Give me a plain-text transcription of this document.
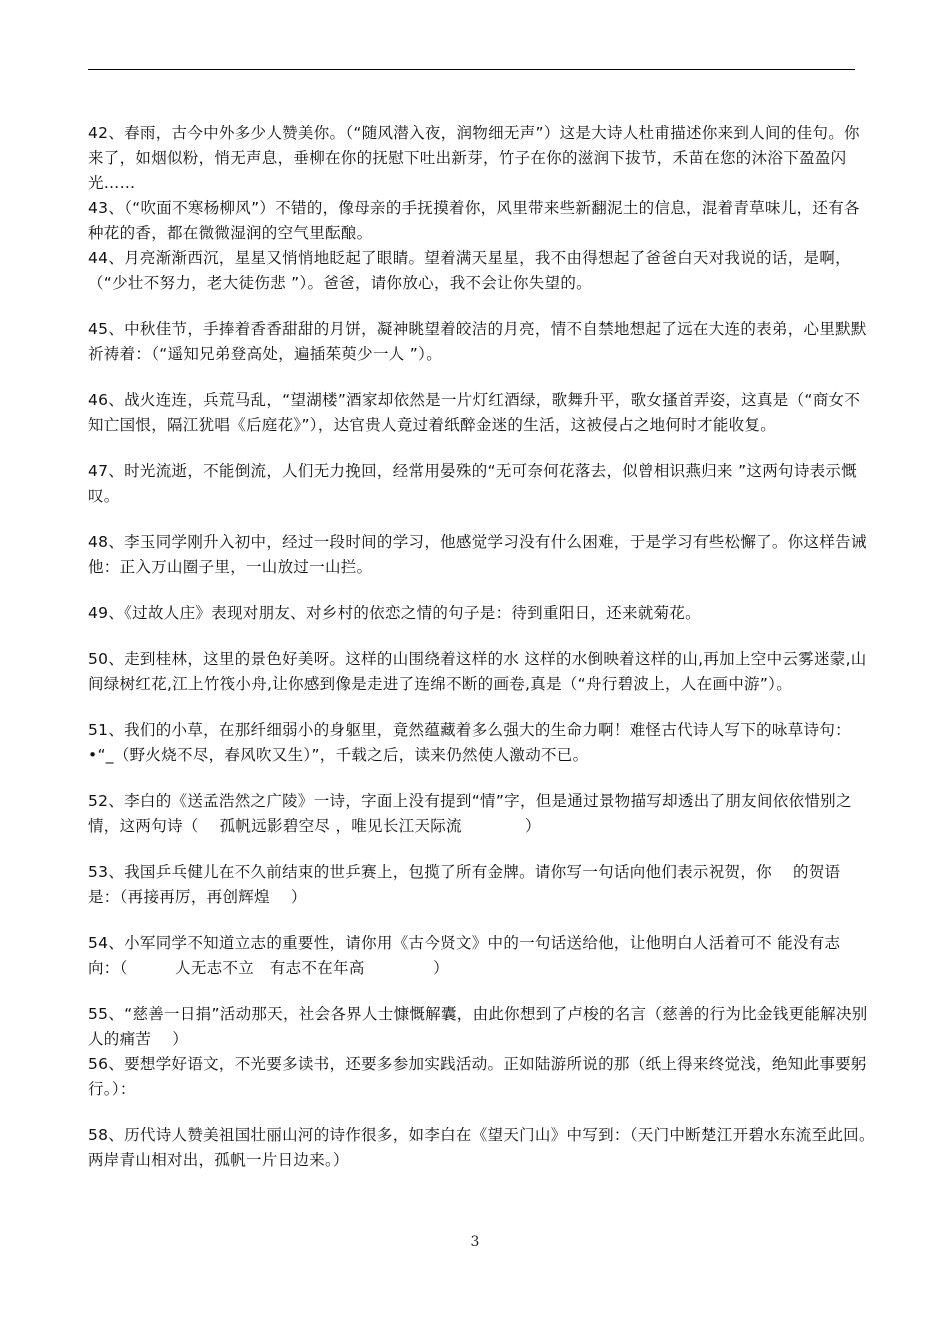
42、春雨，古今中外多少人赞美你。（“随风潜入夜，润物细无声”）这是大诗人杜甫描述你来到人间的佳句。你来了，如烟似粉，悄无声息，垂柳在你的抚慰下吐出新芽，竹子在你的滋润下拔节，禾苗在您的沐浴下盈盈闪光……

43、（“吹面不寒杨柳风”）不错的，像母亲的手抚摸着你，风里带来些新翻泥土的信息，混着青草味儿，还有各种花的香，都在微微湿润的空气里酝酿。

44、月亮渐渐西沉，星星又悄悄地眨起了眼睛。望着满天星星，我不由得想起了爸爸白天对我说的话，是啊，（“少壮不努力，老大徒伤悲 ”）。爸爸，请你放心，我不会让你失望的。

45、中秋佳节，手捧着香香甜甜的月饼，凝神眺望着皎洁的月亮，情不自禁地想起了远在大连的表弟，心里默默祈祷着：（“遥知兄弟登高处，遍插茱萸少一人 ”）。

46、战火连连，兵荒马乱，“望湖楼”酒家却依然是一片灯红酒绿，歌舞升平，歌女搔首弄姿，这真是（“商女不知亡国恨，隔江犹唱《后庭花》”），达官贵人竟过着纸醉金迷的生活，这被侵占之地何时才能收复。

47、时光流逝，不能倒流，人们无力挽回，经常用晏殊的“无可奈何花落去，似曾相识燕归来 ”这两句诗表示慨叹。

48、李玉同学刚升入初中，经过一段时间的学习，他感觉学习没有什么困难，于是学习有些松懈了。你这样告诫他：正入万山圈子里，一山放过一山拦。

49、《过故人庄》表现对朋友、对乡村的依恋之情的句子是：待到重阳日，还来就菊花。

50、走到桂林，这里的景色好美呀。这样的山围绕着这样的水 这样的水倒映着这样的山,再加上空中云雾迷蒙,山间绿树红花,江上竹筏小舟,让你感到像是走进了连绵不断的画卷,真是（“舟行碧波上，人在画中游”）。

51、我们的小草，在那纤细弱小的身躯里，竟然蕴藏着多么强大的生命力啊！难怪古代诗人写下的咏草诗句：•“_（野火烧不尽，春风吹又生）”，千载之后，读来仍然使人激动不已。

52、李白的《送孟浩然之广陵》一诗，字面上没有提到“情”字，但是通过景物描写却透出了朋友间依依惜别之情，这两句诗（　 孤帆远影碧空尽 ，唯见长江天际流　　　　）

53、我国乒乓健儿在不久前结束的世乒赛上，包揽了所有金牌。请你写一句话向他们表示祝贺，你　 的贺语是：（再接再厉，再创辉煌　 ）

54、小军同学不知道立志的重要性，请你用《古今贤文》中的一句话送给他，让他明白人活着可不 能没有志向：（　　　人无志不立　有志不在年高　　　　 ）

55、“慈善一日捐”活动那天，社会各界人士慷慨解囊，由此你想到了卢梭的名言（慈善的行为比金钱更能解决别人的痛苦　 ）

56、要想学好语文，不光要多读书，还要多参加实践活动。正如陆游所说的那（纸上得来终觉浅，绝知此事要躬行。）：

58、历代诗人赞美祖国壮丽山河的诗作很多，如李白在《望天门山》中写到：（天门中断楚江开碧水东流至此回。　　两岸青山相对出，孤帆一片日边来。）

3
